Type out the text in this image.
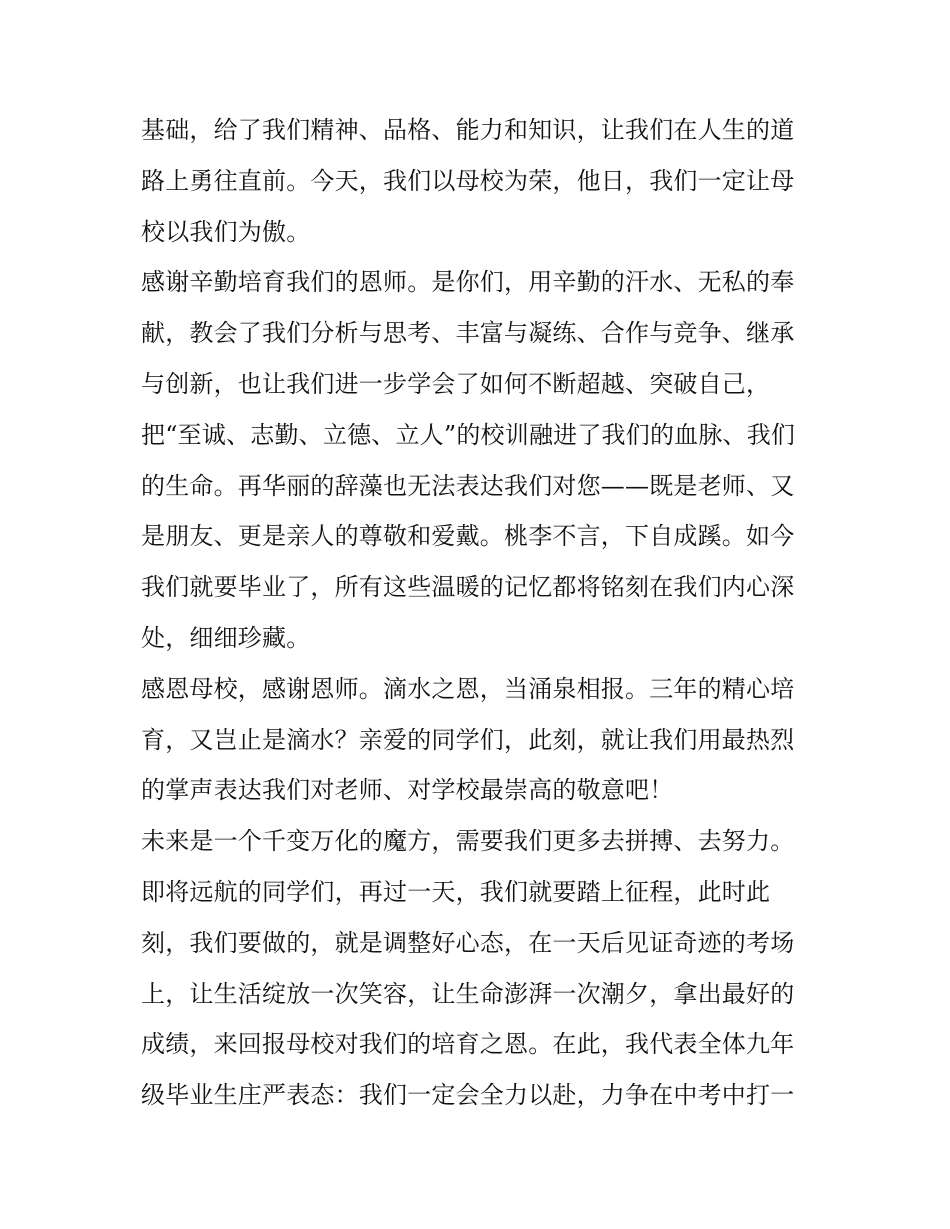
基础，给了我们精神、品格、能力和知识，让我们在人生的道
路上勇往直前。今天，我们以母校为荣，他日，我们一定让母
校以我们为傲。
感谢辛勤培育我们的恩师。是你们，用辛勤的汗水、无私的奉
献，教会了我们分析与思考、丰富与凝练、合作与竞争、继承
与创新，也让我们进一步学会了如何不断超越、突破自己，
把“至诚、志勤、立德、立人”的校训融进了我们的血脉、我们
的生命。再华丽的辞藻也无法表达我们对您——既是老师、又
是朋友、更是亲人的尊敬和爱戴。桃李不言，下自成蹊。如今
我们就要毕业了，所有这些温暖的记忆都将铭刻在我们内心深
处，细细珍藏。
感恩母校，感谢恩师。滴水之恩，当涌泉相报。三年的精心培
育，又岂止是滴水？亲爱的同学们，此刻，就让我们用最热烈
的掌声表达我们对老师、对学校最崇高的敬意吧！
未来是一个千变万化的魔方，需要我们更多去拼搏、去努力。
即将远航的同学们，再过一天，我们就要踏上征程，此时此
刻，我们要做的，就是调整好心态，在一天后见证奇迹的考场
上，让生活绽放一次笑容，让生命澎湃一次潮夕，拿出最好的
成绩，来回报母校对我们的培育之恩。在此，我代表全体九年
级毕业生庄严表态：我们一定会全力以赴，力争在中考中打一
